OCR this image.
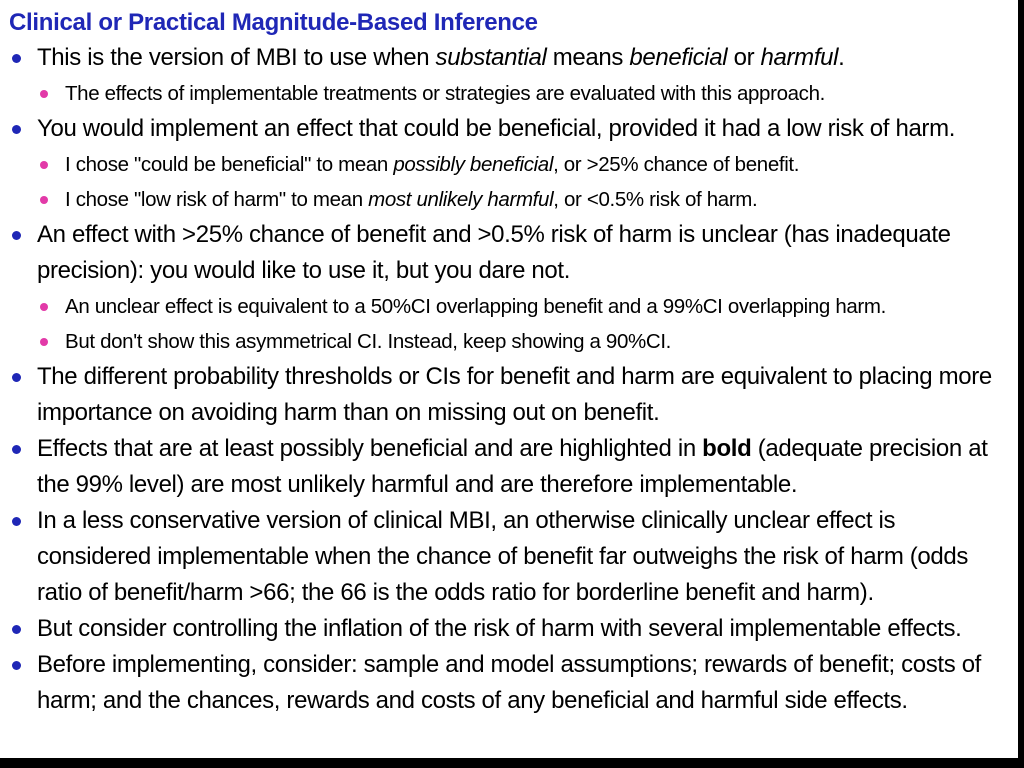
Clinical or Practical Magnitude-Based Inference
This is the version of MBI to use when substantial means beneficial or harmful.
The effects of implementable treatments or strategies are evaluated with this approach.
You would implement an effect that could be beneficial, provided it had a low risk of harm.
I chose "could be beneficial" to mean possibly beneficial, or >25% chance of benefit.
I chose "low risk of harm" to mean most unlikely harmful, or <0.5% risk of harm.
An effect with >25% chance of benefit and >0.5% risk of harm is unclear (has inadequate precision): you would like to use it, but you dare not.
An unclear effect is equivalent to a 50%CI overlapping benefit and a 99%CI overlapping harm.
But don't show this asymmetrical CI. Instead, keep showing a 90%CI.
The different probability thresholds or CIs for benefit and harm are equivalent to placing more importance on avoiding harm than on missing out on benefit.
Effects that are at least possibly beneficial and are highlighted in bold (adequate precision at the 99% level) are most unlikely harmful and are therefore implementable.
In a less conservative version of clinical MBI, an otherwise clinically unclear effect is considered implementable when the chance of benefit far outweighs the risk of harm (odds ratio of benefit/harm >66; the 66 is the odds ratio for borderline benefit and harm).
But consider controlling the inflation of the risk of harm with several implementable effects.
Before implementing, consider: sample and model assumptions; rewards of benefit; costs of harm; and the chances, rewards and costs of any beneficial and harmful side effects.
